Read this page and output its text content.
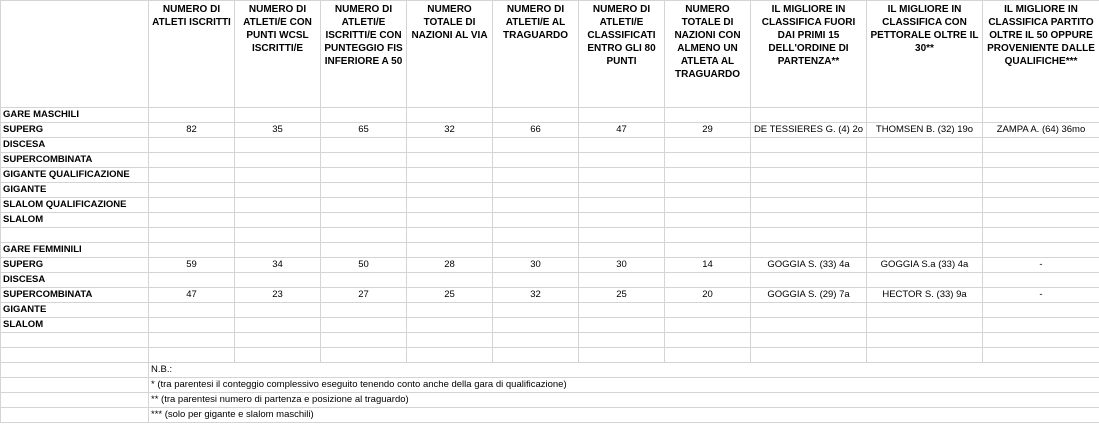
	NUMERO DI ATLETI ISCRITTI	NUMERO DI ATLETI/E CON PUNTI WCSL ISCRITTI/E	NUMERO DI ATLETI/E ISCRITTI/E CON PUNTEGGIO FIS INFERIORE A 50	NUMERO TOTALE DI NAZIONI AL VIA	NUMERO DI ATLETI/E AL TRAGUARDO	NUMERO DI ATLETI/E CLASSIFICATI ENTRO GLI 80 PUNTI	NUMERO TOTALE DI NAZIONI CON ALMENO UN ATLETA AL TRAGUARDO	IL MIGLIORE IN CLASSIFICA FUORI DAI PRIMI 15 DELL'ORDINE DI PARTENZA**	IL MIGLIORE IN CLASSIFICA CON PETTORALE OLTRE IL 30**	IL MIGLIORE IN CLASSIFICA PARTITO OLTRE IL 50 OPPURE PROVENIENTE DALLE QUALIFICHE***
GARE MASCHILI										
SUPERG	82	35	65	32	66	47	29	DE TESSIERES G. (4) 2o	THOMSEN B. (32) 19o	ZAMPA A. (64) 36mo
DISCESA										
SUPERCOMBINATA										
GIGANTE QUALIFICAZIONE										
GIGANTE										
SLALOM QUALIFICAZIONE										
SLALOM										

GARE FEMMINILI										
SUPERG	59	34	50	28	30	30	14	GOGGIA S. (33) 4a	GOGGIA S.a (33) 4a	-
DISCESA										
SUPERCOMBINATA	47	23	27	25	32	25	20	GOGGIA S. (29) 7a	HECTOR S. (33) 9a	-
GIGANTE										
SLALOM										

	N.B.:									
	* (tra parentesi il conteggio complessivo eseguito tenendo conto anche della gara di qualificazione)									
	** (tra parentesi numero di partenza e posizione al traguardo)									
	*** (solo per gigante e slalom maschili)									
